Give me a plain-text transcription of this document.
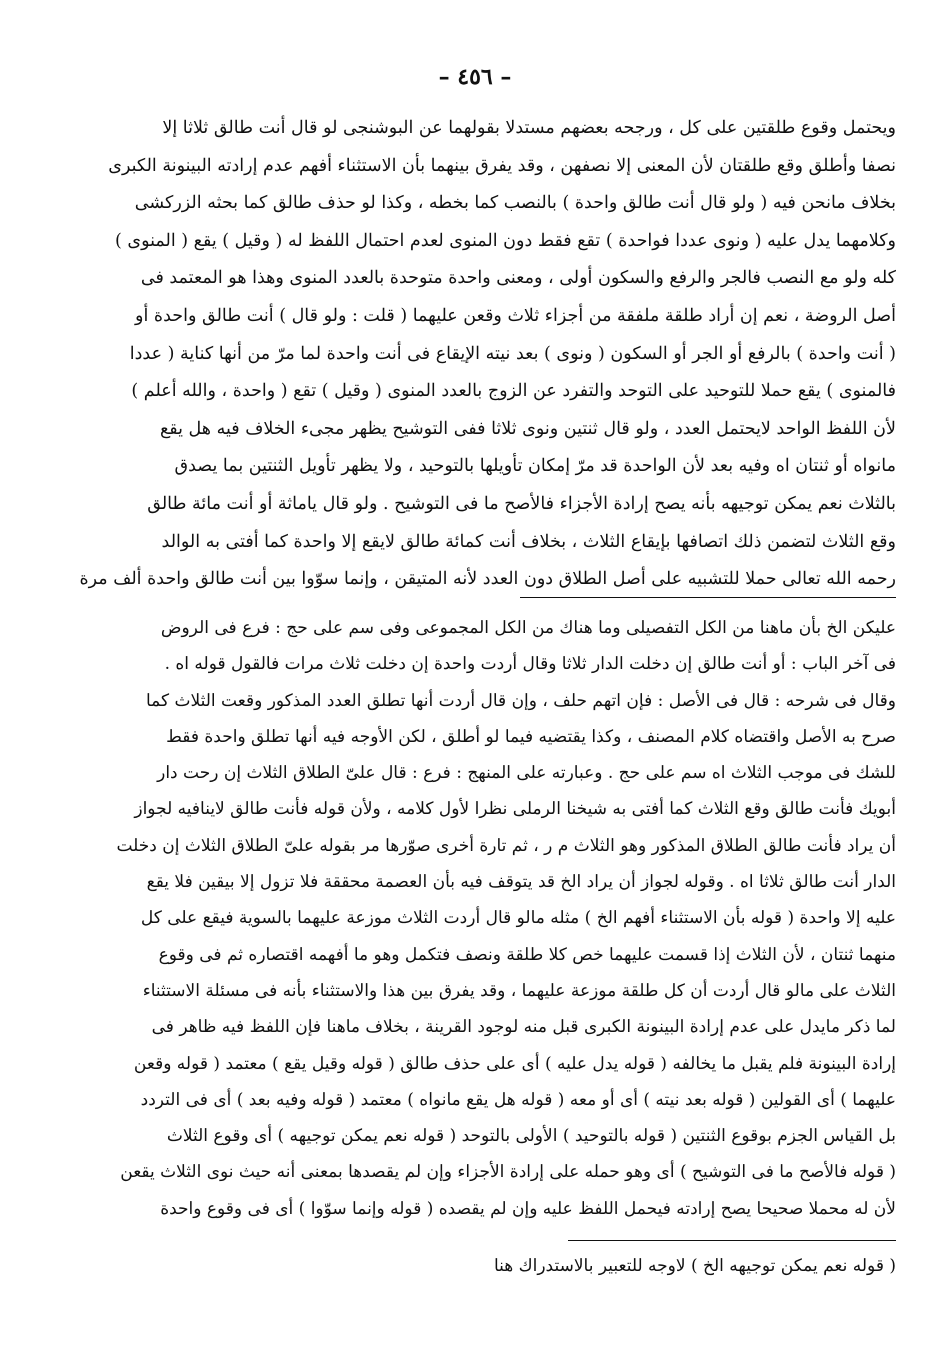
– ٤٥٦ –
ويحتمل وقوع طلقتين على كل ، ورجحه بعضهم مستدلا بقولهما عن البوشنجى لو قال أنت طالق ثلاثا إلا
نصفا وأطلق وقع طلقتان لأن المعنى إلا نصفهن ، وقد يفرق بينهما بأن الاستثناء أفهم عدم إرادته البينونة الكبرى
بخلاف مانحن فيه ( ولو قال أنت طالق واحدة ) بالنصب كما بخطه ، وكذا لو حذف طالق كما بحثه الزركشى
وكلامهما يدل عليه ( ونوى عددا فواحدة ) تقع فقط دون المنوى لعدم احتمال اللفظ له ( وقيل ) يقع ( المنوى )
كله ولو مع النصب فالجر والرفع والسكون أولى ، ومعنى واحدة متوحدة بالعدد المنوى وهذا هو المعتمد فى
أصل الروضة ، نعم إن أراد طلقة ملفقة من أجزاء ثلاث وقعن عليهما ( قلت : ولو قال ) أنت طالق واحدة أو
( أنت واحدة ) بالرفع أو الجر أو السكون ( ونوى ) بعد نيته الإيقاع فى أنت واحدة لما مرّ من أنها كناية ( عددا
فالمنوى ) يقع حملا للتوحيد على التوحد والتفرد عن الزوج بالعدد المنوى ( وقيل ) تقع ( واحدة ، والله أعلم )
لأن اللفظ الواحد لايحتمل العدد ، ولو قال ثنتين ونوى ثلاثا ففى التوشيح يظهر مجىء الخلاف فيه هل يقع
مانواه أو ثنتان اه وفيه بعد لأن الواحدة قد مرّ إمكان تأويلها بالتوحيد ، ولا يظهر تأويل الثنتين بما يصدق
بالثلاث نعم يمكن توجيهه بأنه يصح إرادة الأجزاء فالأصح ما فى التوشيح . ولو قال ياماثة أو أنت مائة طالق
وقع الثلاث لتضمن ذلك اتصافها بإيقاع الثلاث ، بخلاف أنت كمائة طالق لايقع إلا واحدة كما أفتى به الوالد
رحمه الله تعالى حملا للتشبيه على أصل الطلاق دون العدد لأنه المتيقن ، وإنما سوّوا بين أنت طالق واحدة ألف مرة
عليكن الخ بأن ماهنا من الكل التفصيلى وما هناك من الكل المجموعى وفى سم على حج : فرع فى الروض
فى آخر الباب : أو أنت طالق إن دخلت الدار ثلاثا وقال أردت واحدة إن دخلت ثلاث مرات فالقول قوله اه .
وقال فى شرحه : قال فى الأصل : فإن اتهم حلف ، وإن قال أردت أنها تطلق العدد المذكور وقعت الثلاث كما
صرح به الأصل واقتضاه كلام المصنف ، وكذا يقتضيه فيما لو أطلق ، لكن الأوجه فيه أنها تطلق واحدة فقط
للشك فى موجب الثلاث اه سم على حج . وعبارته على المنهج : فرع : قال علىّ الطلاق الثلاث إن رحت دار
أبويك فأنت طالق وقع الثلاث كما أفتى به شيخنا الرملى نظرا لأول كلامه ، ولأن قوله فأنت طالق لاينافيه لجواز
أن يراد فأنت طالق الطلاق المذكور وهو الثلاث م ر ، ثم تارة أخرى صوّرها مر بقوله علىّ الطلاق الثلاث إن دخلت
الدار أنت طالق ثلاثا اه . وقوله لجواز أن يراد الخ قد يتوقف فيه بأن العصمة محققة فلا تزول إلا بيقين فلا يقع
عليه إلا واحدة ( قوله بأن الاستثناء أفهم الخ ) مثله مالو قال أردت الثلاث موزعة عليهما بالسوية فيقع على كل
منهما ثنتان ، لأن الثلاث إذا قسمت عليهما خص كلا طلقة ونصف فتكمل وهو ما أفهمه اقتصاره ثم فى وقوع
الثلاث على مالو قال أردت أن كل طلقة موزعة عليهما ، وقد يفرق بين هذا والاستثناء بأنه فى مسئلة الاستثناء
لما ذكر مايدل على عدم إرادة البينونة الكبرى قبل منه لوجود القرينة ، بخلاف ماهنا فإن اللفظ فيه ظاهر فى
إرادة البينونة فلم يقبل ما يخالفه ( قوله يدل عليه ) أى على حذف طالق ( قوله وقيل يقع ) معتمد ( قوله وقعن
عليهما ) أى القولين ( قوله بعد نيته ) أى أو معه ( قوله هل يقع مانواه ) معتمد ( قوله وفيه بعد ) أى فى التردد
بل القياس الجزم بوقوع الثنتين ( قوله بالتوحيد ) الأولى بالتوحد ( قوله نعم يمكن توجيهه ) أى وقوع الثلاث
( قوله فالأصح ما فى التوشيح ) أى وهو حمله على إرادة الأجزاء وإن لم يقصدها بمعنى أنه حيث نوى الثلاث يقعن
لأن له محملا صحيحا يصح إرادته فيحمل اللفظ عليه وإن لم يقصده ( قوله وإنما سوّوا ) أى فى وقوع واحدة
( قوله نعم يمكن توجيهه الخ ) لاوجه للتعبير بالاستدراك هنا
